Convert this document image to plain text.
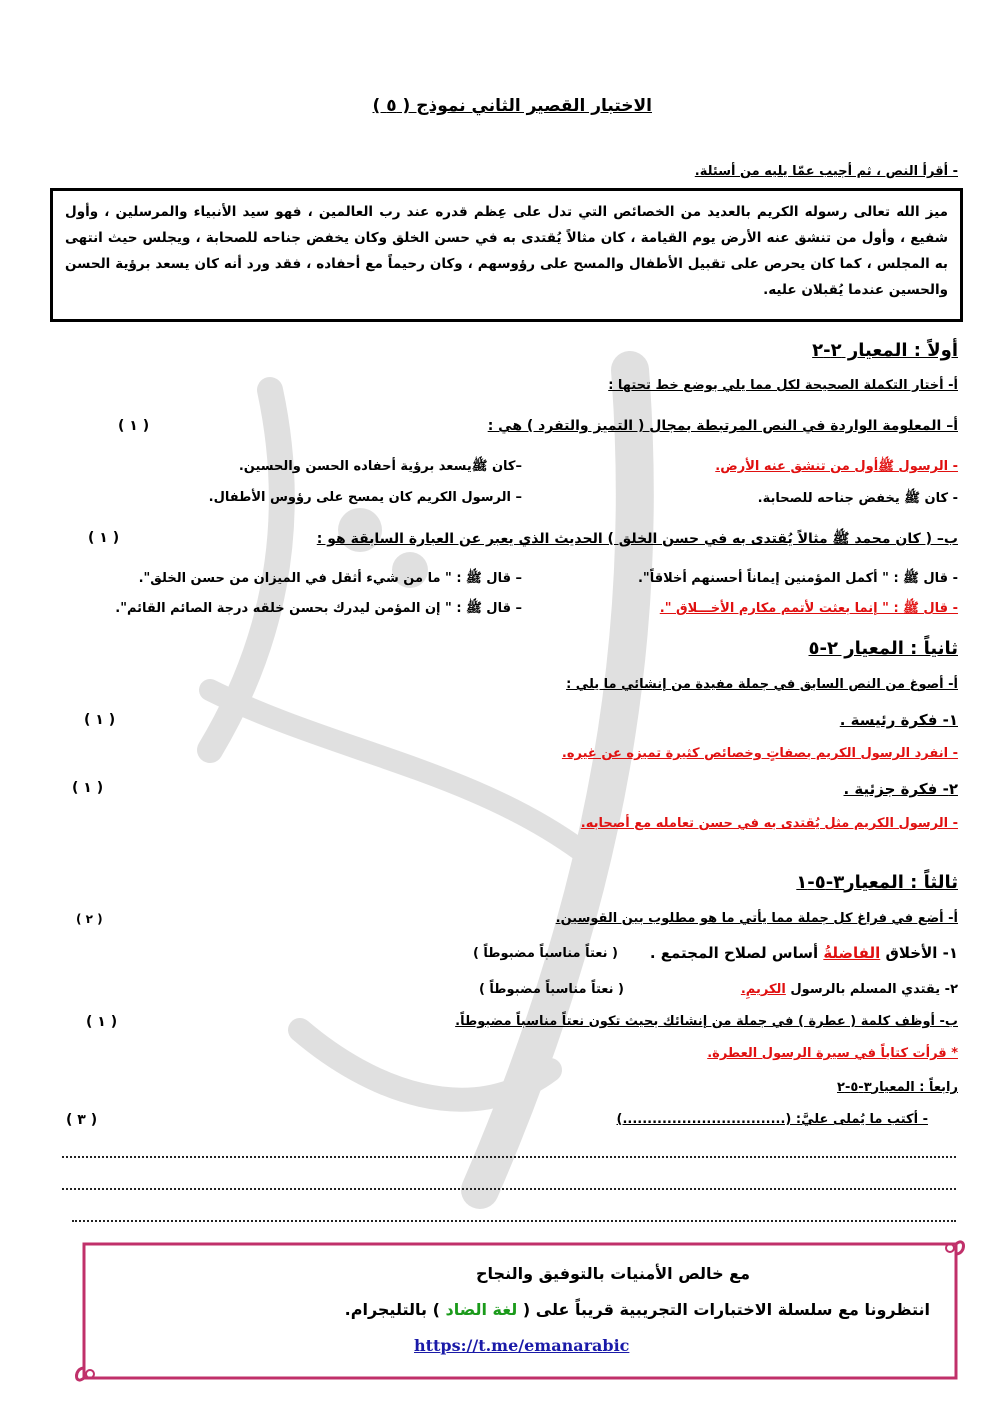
الاختبار القصير الثاني نموذج ( ٥ )
- أقرأ النص ، ثم أجيب عمّا يليه من أسئلة.
ميز الله تعالى رسوله الكريم بالعديد من الخصائص التي تدل على عِظم قدره عند رب العالمين ، فهو سيد الأنبياء والمرسلين ، وأول شفيع ، وأول من تنشق عنه الأرض يوم القيامة ، كان مثالاً يُقتدى به في حسن الخلق وكان يخفض جناحه للصحابة ، ويجلس حيث انتهى به المجلس ، كما كان يحرص على تقبيل الأطفال والمسح على رؤوسهم ، وكان رحيماً مع أحفاده ، فقد ورد أنه كان يسعد برؤية الحسن والحسين عندما يُقبلان عليه.
أولاً : المعيار ٢-٢
أ- أختار التكملة الصحيحة لكل مما يلي بوضع خط تحتها :
أ– المعلومة الواردة في النص المرتبطة بمجال ( التميز والتفرد ) هي :
( ١ )
- الرسول ﷺأول من تنشق عنه الأرض.
–كان ﷺيسعد برؤية أحفاده الحسن والحسين.
- كان ﷺ يخفض جناحه للصحابة.
– الرسول الكريم كان يمسح على رؤوس الأطفال.
ب– ( كان محمد ﷺ مثالاً يُقتدى به في حسن الخلق ) الحديث الذي يعبر عن العبارة السابقة هو :
( ١ )
- قال ﷺ : " أكمل المؤمنين إيماناً أحسنهم أخلاقاً".
– قال ﷺ : " ما من شيء أثقل في الميزان من حسن الخلق".
- قال ﷺ : " إنما بعثت لأتمم مكارم الأخـــلاق ".
– قال ﷺ : " إن المؤمن ليدرك بحسن خلقه درجة الصائم القائم".
ثانياً : المعيار ٢-٥
أ- أصوغ من النص السابق في جملة مفيدة من إنشائي ما يلي :
١- فكرة رئيسة .
( ١ )
- انفرد الرسول الكريم بصفاتٍ وخصائص كثيرة تميزه عن غيره.
٢- فكرة جزئية .
( ١ )
- الرسول الكريم مثل يُقتدى به في حسن تعامله مع أصحابه.
ثالثاً : المعيار٣-٥-١
أ- أضع في فراغ كل جملة مما يأتي ما هو مطلوب بين القوسين.
( ٢ )
١- الأخلاق الفاضلةُ أساس لصلاح المجتمع .
( نعتاً مناسباً مضبوطاً )
٢- يقتدي المسلم بالرسول الكريمِ.
( نعتاً مناسباً مضبوطاً )
ب- أوظف كلمة ( عطرة ) في جملة من إنشائك بحيث تكون نعتاً مناسباً مضبوطاً.
( ١ )
* قرأت كتاباً في سيرة الرسول العطرة.
رابعاً : المعيار٣-٥-٢
- أكتب ما يُملى عليَّ: (.................................)
( ٣ )
مع خالص الأمنيات بالتوفيق والنجاح
انتظرونا مع سلسلة الاختبارات التجريبية قريباً على ( لغة الضاد ) بالتليجرام.
https://t.me/emanarabic
